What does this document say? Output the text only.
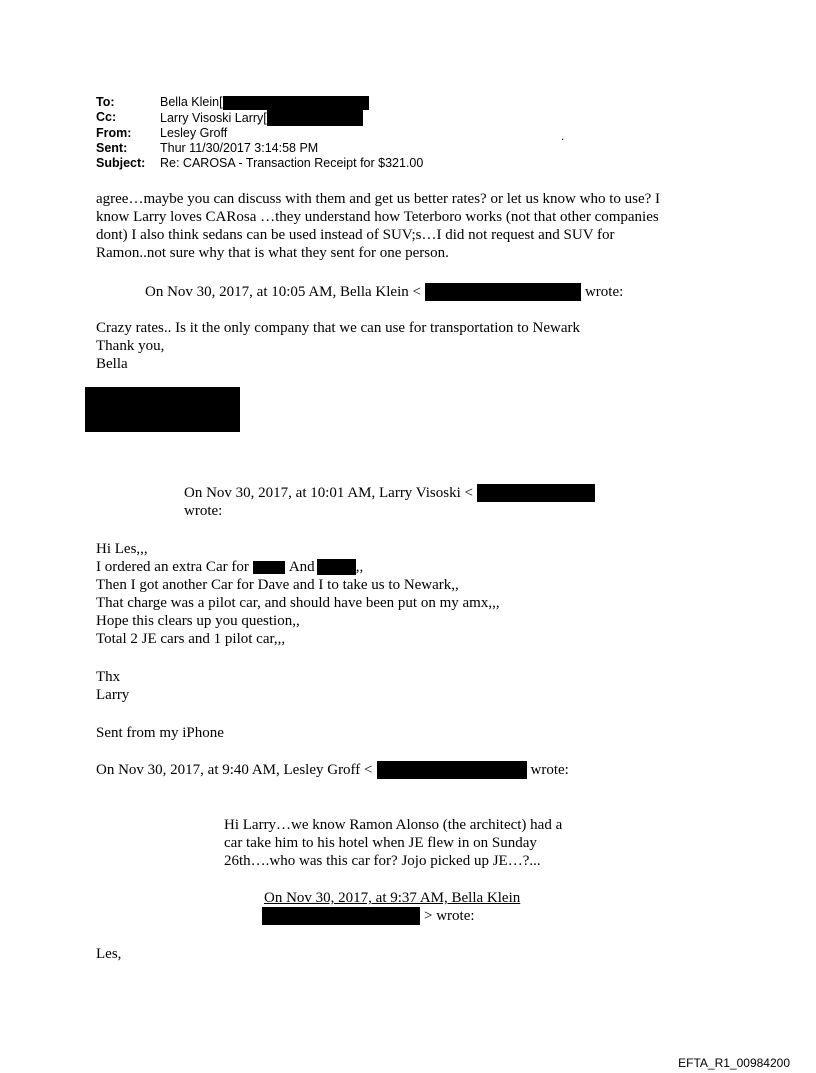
To:	Bella Klein[
Cc:	Larry Visoski Larry[
From:	Lesley Groff
Sent:	Thur 11/30/2017 3:14:58 PM
Subject:	Re: CAROSA - Transaction Receipt for $321.00
.
agree…maybe you can discuss with them and get us better rates? or let us know who to use? I
know Larry loves CARosa …they understand how Teterboro works (not that other companies
dont) I also think sedans can be used instead of SUV;s…I did not request and SUV for
Ramon..not sure why that is what they sent for one person.
On Nov 30, 2017, at 10:05 AM, Bella Klein <	wrote:
Crazy rates.. Is it the only company that we can use for transportation to Newark
Thank you,
Bella
On Nov 30, 2017, at 10:01 AM, Larry Visoski <
wrote:
Hi Les,,,
I ordered an extra Car for	And	,,
Then I got another Car for Dave and I to take us to Newark,,
That charge was a pilot car, and should have been put on my amx,,,
Hope this clears up you question,,
Total 2 JE cars and 1 pilot car,,,
Thx
Larry
Sent from my iPhone
On Nov 30, 2017, at 9:40 AM, Lesley Groff <	wrote:
Hi Larry…we know Ramon Alonso (the architect) had a
car take him to his hotel when JE flew in on Sunday
26th….who was this car for? Jojo picked up JE…?...
On Nov 30, 2017, at 9:37 AM, Bella Klein
> wrote:
Les,
EFTA_R1_00984200
